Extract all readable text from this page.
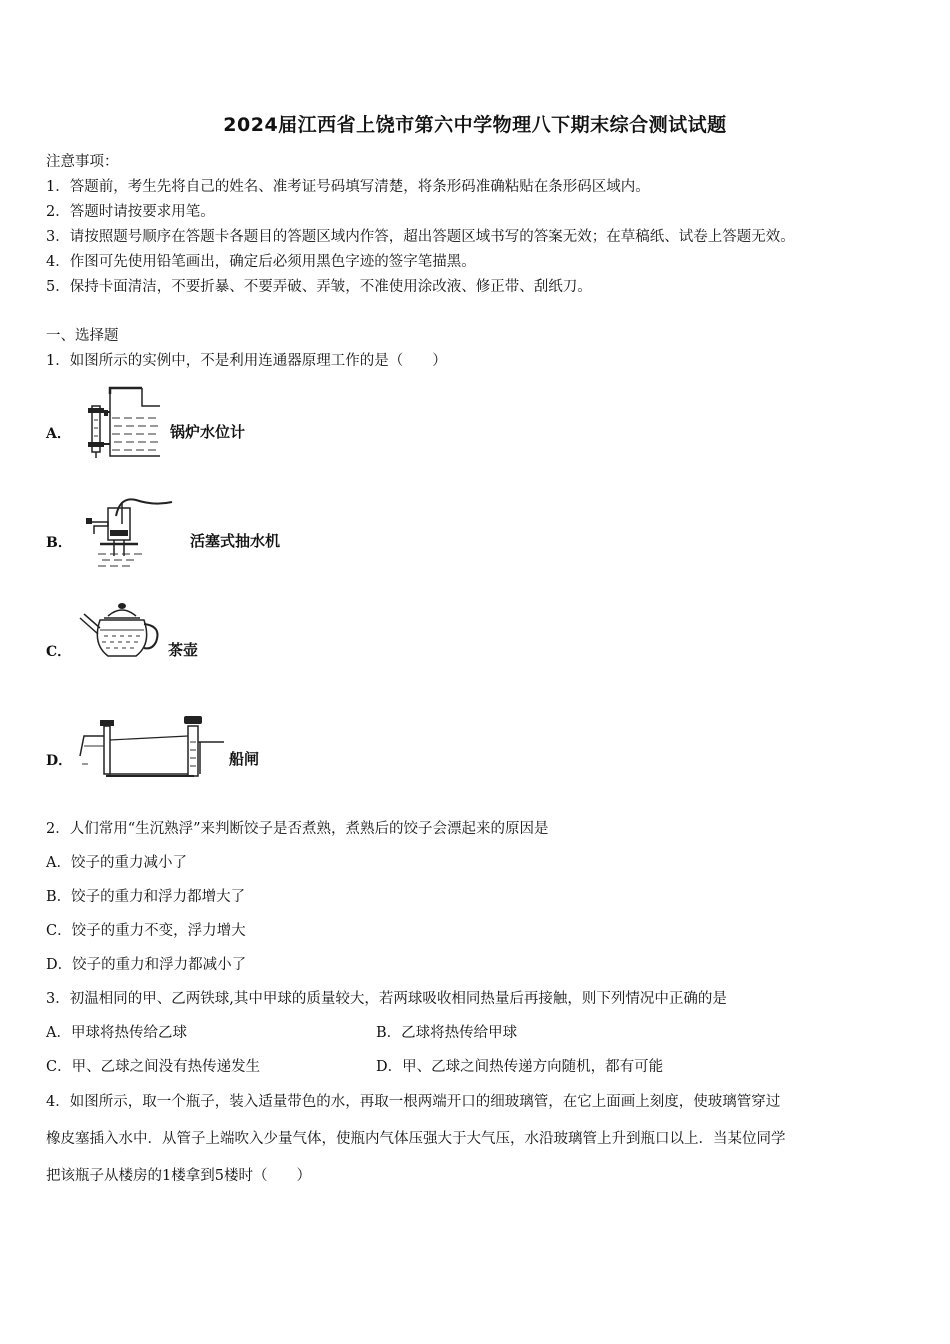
2024届江西省上饶市第六中学物理八下期末综合测试试题
注意事项：
1．答题前，考生先将自己的姓名、准考证号码填写清楚，将条形码准确粘贴在条形码区域内。
2．答题时请按要求用笔。
3．请按照题号顺序在答题卡各题目的答题区域内作答，超出答题区域书写的答案无效；在草稿纸、试卷上答题无效。
4．作图可先使用铅笔画出，确定后必须用黑色字迹的签字笔描黑。
5．保持卡面清洁，不要折暴、不要弄破、弄皱，不准使用涂改液、修正带、刮纸刀。
一、选择题
1．如图所示的实例中，不是利用连通器原理工作的是（　　）
A．	锅炉水位计
B．	活塞式抽水机
C．	茶壶
D．	船闸
2．人们常用“生沉熟浮”来判断饺子是否煮熟，煮熟后的饺子会漂起来的原因是
A．饺子的重力减小了
B．饺子的重力和浮力都增大了
C．饺子的重力不变，浮力增大
D．饺子的重力和浮力都减小了
3．初温相同的甲、乙两铁球,其中甲球的质量较大，若两球吸收相同热量后再接触，则下列情况中正确的是
A．甲球将热传给乙球	B．乙球将热传给甲球
C．甲、乙球之间没有热传递发生	D．甲、乙球之间热传递方向随机，都有可能
4．如图所示，取一个瓶子，装入适量带色的水，再取一根两端开口的细玻璃管，在它上面画上刻度，使玻璃管穿过
橡皮塞插入水中．从管子上端吹入少量气体，使瓶内气体压强大于大气压，水沿玻璃管上升到瓶口以上．当某位同学
把该瓶子从楼房的1楼拿到5楼时（　　）
